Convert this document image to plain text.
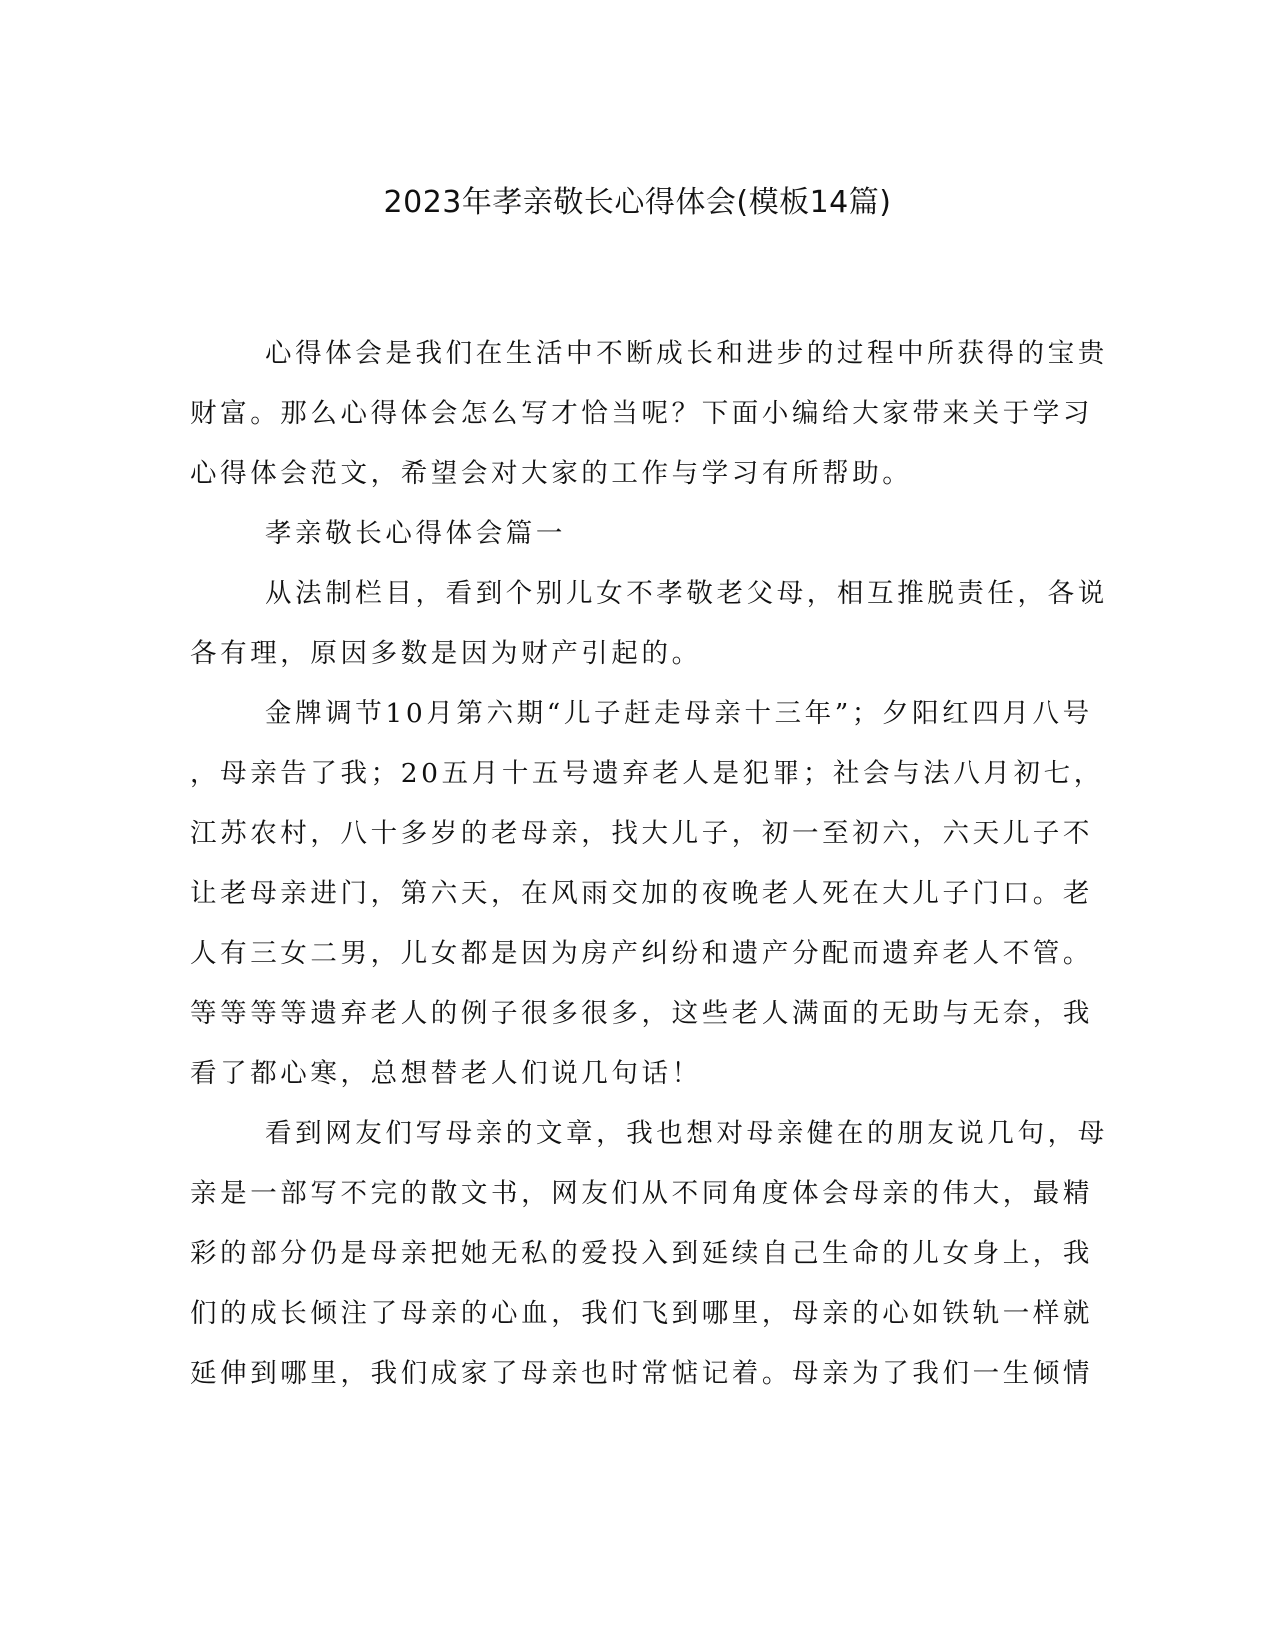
2023年孝亲敬长心得体会(模板14篇)
心得体会是我们在生活中不断成长和进步的过程中所获得的宝贵
财富。那么心得体会怎么写才恰当呢？下面小编给大家带来关于学习
心得体会范文，希望会对大家的工作与学习有所帮助。
孝亲敬长心得体会篇一
从法制栏目，看到个别儿女不孝敬老父母，相互推脱责任，各说
各有理，原因多数是因为财产引起的。
金牌调节10月第六期“儿子赶走母亲十三年”；夕阳红四月八号
，母亲告了我；20五月十五号遗弃老人是犯罪；社会与法八月初七，
江苏农村，八十多岁的老母亲，找大儿子，初一至初六，六天儿子不
让老母亲进门，第六天，在风雨交加的夜晚老人死在大儿子门口。老
人有三女二男，儿女都是因为房产纠纷和遗产分配而遗弃老人不管。
等等等等遗弃老人的例子很多很多，这些老人满面的无助与无奈，我
看了都心寒，总想替老人们说几句话！
看到网友们写母亲的文章，我也想对母亲健在的朋友说几句，母
亲是一部写不完的散文书，网友们从不同角度体会母亲的伟大，最精
彩的部分仍是母亲把她无私的爱投入到延续自己生命的儿女身上，我
们的成长倾注了母亲的心血，我们飞到哪里，母亲的心如铁轨一样就
延伸到哪里，我们成家了母亲也时常惦记着。母亲为了我们一生倾情
